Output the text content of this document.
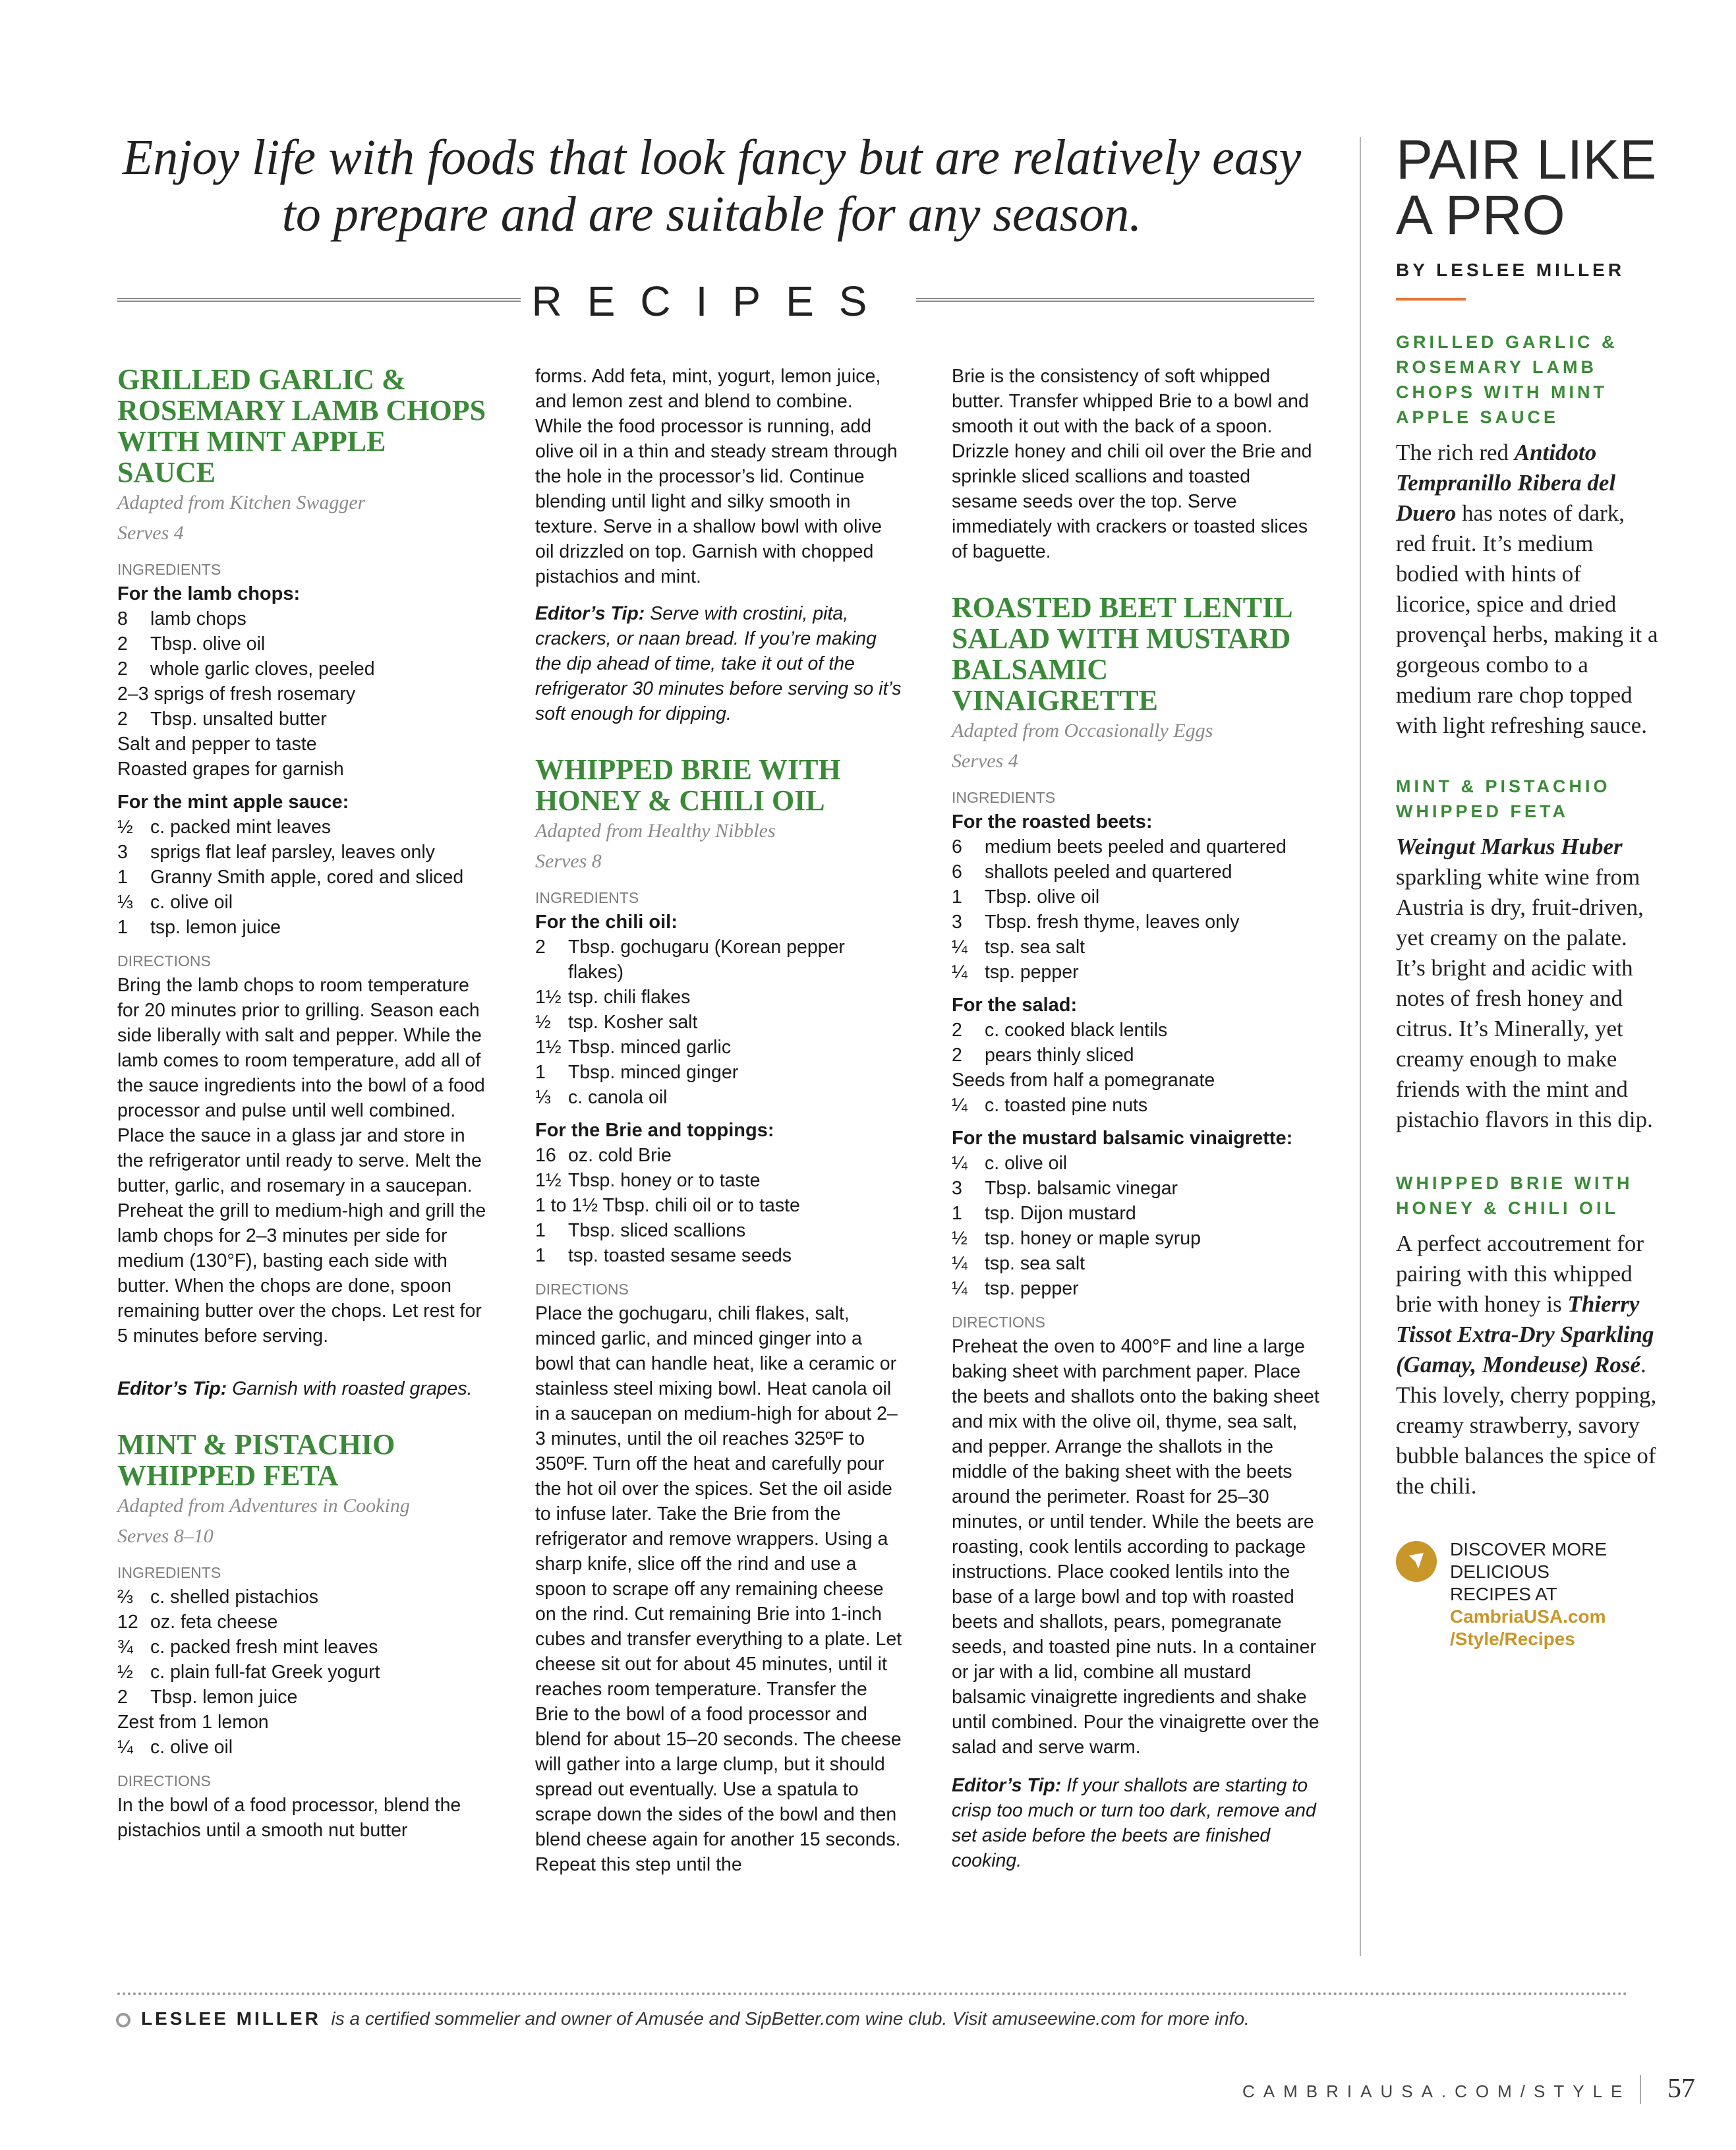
Enjoy life with foods that look fancy but are relatively easy to prepare and are suitable for any season.
RECIPES
GRILLED GARLIC & ROSEMARY LAMB CHOPS WITH MINT APPLE SAUCE
Adapted from Kitchen Swagger
Serves 4
INGREDIENTS
For the lamb chops:
8	lamb chops
2	Tbsp. olive oil
2	whole garlic cloves, peeled
2–3 sprigs of fresh rosemary
2	Tbsp. unsalted butter
Salt and pepper to taste
Roasted grapes for garnish
For the mint apple sauce:
½ c. packed mint leaves
3	sprigs flat leaf parsley, leaves only
1	Granny Smith apple, cored and sliced
⅓ c. olive oil
1	tsp. lemon juice
DIRECTIONS

Bring the lamb chops to room temperature for 20 minutes prior to grilling. Season each side liberally with salt and pepper. While the lamb comes to room temperature, add all of the sauce ingredients into the bowl of a food processor and pulse until well combined. Place the sauce in a glass jar and store in the refrigerator until ready to serve. Melt the butter, garlic, and rosemary in a saucepan. Preheat the grill to medium-high and grill the lamb chops for 2–3 minutes per side for medium (130°F), basting each side with butter. When the chops are done, spoon remaining butter over the chops. Let rest for 5 minutes before serving.

Editor’s Tip: Garnish with roasted grapes.

MINT & PISTACHIO WHIPPED FETA
Adapted from Adventures in Cooking
Serves 8–10
INGREDIENTS
⅔ c. shelled pistachios
12 oz. feta cheese
¾ c. packed fresh mint leaves
½ c. plain full-fat Greek yogurt
2	Tbsp. lemon juice
Zest from 1 lemon
¼ c. olive oil
DIRECTIONS

In the bowl of a food processor, blend the pistachios until a smooth nut butter

forms. Add feta, mint, yogurt, lemon juice, and lemon zest and blend to combine. While the food processor is running, add olive oil in a thin and steady stream through the hole in the processor’s lid. Continue blending until light and silky smooth in texture. Serve in a shallow bowl with olive oil drizzled on top. Garnish with chopped pistachios and mint.

Editor’s Tip: Serve with crostini, pita, crackers, or naan bread. If you’re making the dip ahead of time, take it out of the refrigerator 30 minutes before serving so it’s soft enough for dipping.

WHIPPED BRIE WITH HONEY & CHILI OIL
Adapted from Healthy Nibbles
Serves 8
INGREDIENTS
For the chili oil:
2	Tbsp. gochugaru (Korean pepper flakes)
1½ tsp. chili flakes
½ tsp. Kosher salt
1½ Tbsp. minced garlic
1	Tbsp. minced ginger
⅓ c. canola oil
For the Brie and toppings:
16 oz. cold Brie
1½ Tbsp. honey or to taste
1 to 1½ Tbsp. chili oil or to taste
1	Tbsp. sliced scallions
1	tsp. toasted sesame seeds
DIRECTIONS

Place the gochugaru, chili flakes, salt, minced garlic, and minced ginger into a bowl that can handle heat, like a ceramic or stainless steel mixing bowl. Heat canola oil in a saucepan on medium-high for about 2–3 minutes, until the oil reaches 325ºF to 350ºF. Turn off the heat and carefully pour the hot oil over the spices. Set the oil aside to infuse later. Take the Brie from the refrigerator and remove wrappers. Using a sharp knife, slice off the rind and use a spoon to scrape off any remaining cheese on the rind. Cut remaining Brie into 1-inch cubes and transfer everything to a plate. Let cheese sit out for about 45 minutes, until it reaches room temperature. Transfer the Brie to the bowl of a food processor and blend for about 15–20 seconds. The cheese will gather into a large clump, but it should spread out eventually. Use a spatula to scrape down the sides of the bowl and then blend cheese again for another 15 seconds. Repeat this step until the

Brie is the consistency of soft whipped butter. Transfer whipped Brie to a bowl and smooth it out with the back of a spoon. Drizzle honey and chili oil over the Brie and sprinkle sliced scallions and toasted sesame seeds over the top. Serve immediately with crackers or toasted slices of baguette.

ROASTED BEET LENTIL SALAD WITH MUSTARD BALSAMIC VINAIGRETTE
Adapted from Occasionally Eggs
Serves 4
INGREDIENTS
For the roasted beets:
6	medium beets peeled and quartered
6	shallots peeled and quartered
1	Tbsp. olive oil
3	Tbsp. fresh thyme, leaves only
¼ tsp. sea salt
¼ tsp. pepper
For the salad:
2	c. cooked black lentils
2	pears thinly sliced
Seeds from half a pomegranate
¼ c. toasted pine nuts
For the mustard balsamic vinaigrette:
¼ c. olive oil
3	Tbsp. balsamic vinegar
1	tsp. Dijon mustard
½ tsp. honey or maple syrup
¼ tsp. sea salt
¼ tsp. pepper
DIRECTIONS

Preheat the oven to 400°F and line a large baking sheet with parchment paper. Place the beets and shallots onto the baking sheet and mix with the olive oil, thyme, sea salt, and pepper. Arrange the shallots in the middle of the baking sheet with the beets around the perimeter. Roast for 25–30 minutes, or until tender. While the beets are roasting, cook lentils according to package instructions. Place cooked lentils into the base of a large bowl and top with roasted beets and shallots, pears, pomegranate seeds, and toasted pine nuts. In a container or jar with a lid, combine all mustard balsamic vinaigrette ingredients and shake until combined. Pour the vinaigrette over the salad and serve warm.

Editor’s Tip: If your shallots are starting to crisp too much or turn too dark, remove and set aside before the beets are finished cooking.

PAIR LIKE
A PRO
BY LESLEE MILLER
GRILLED GARLIC & ROSEMARY LAMB CHOPS WITH MINT APPLE SAUCE
The rich red Antidoto Tempranillo Ribera del Duero has notes of dark, red fruit. It’s medium bodied with hints of licorice, spice and dried provençal herbs, making it a gorgeous combo to a medium rare chop topped with light refreshing sauce.
MINT & PISTACHIO WHIPPED FETA
Weingut Markus Huber sparkling white wine from Austria is dry, fruit-driven, yet creamy on the palate. It’s bright and acidic with notes of fresh honey and citrus. It’s Minerally, yet creamy enough to make friends with the mint and pistachio flavors in this dip.
WHIPPED BRIE WITH HONEY & CHILI OIL
A perfect accoutrement for pairing with this whipped brie with honey is Thierry Tissot Extra-Dry Sparkling (Gamay, Mondeuse) Rosé. This lovely, cherry popping, creamy strawberry, savory bubble balances the spice of the chili.
DISCOVER MORE DELICIOUS RECIPES AT
CambriaUSA.com
/Style/Recipes
LESLEE MILLER is a certified sommelier and owner of Amusée and SipBetter.com wine club. Visit amuseewine.com for more info.
CAMBRIAUSA.COM/STYLE 57
